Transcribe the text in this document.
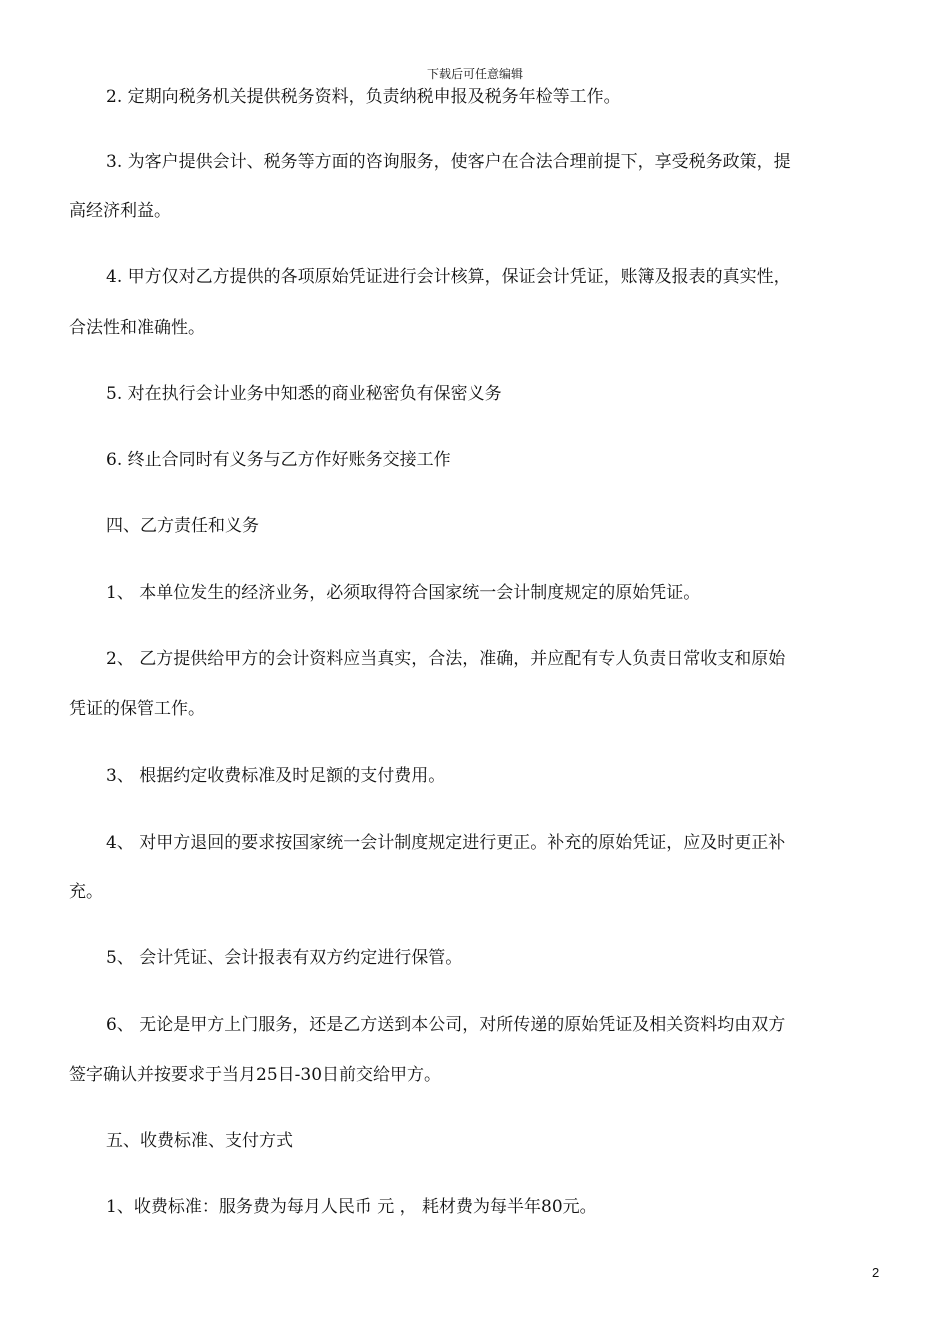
下载后可任意编辑
2. 定期向税务机关提供税务资料，负责纳税申报及税务年检等工作。
3. 为客户提供会计、税务等方面的咨询服务，使客户在合法合理前提下，享受税务政策，提
高经济利益。
4. 甲方仅对乙方提供的各项原始凭证进行会计核算，保证会计凭证，账簿及报表的真实性，
合法性和准确性。
5. 对在执行会计业务中知悉的商业秘密负有保密义务
6. 终止合同时有义务与乙方作好账务交接工作
四、乙方责任和义务
1、 本单位发生的经济业务，必须取得符合国家统一会计制度规定的原始凭证。
2、 乙方提供给甲方的会计资料应当真实，合法，准确，并应配有专人负责日常收支和原始
凭证的保管工作。
3、 根据约定收费标准及时足额的支付费用。
4、 对甲方退回的要求按国家统一会计制度规定进行更正。补充的原始凭证，应及时更正补
充。
5、 会计凭证、会计报表有双方约定进行保管。
6、 无论是甲方上门服务，还是乙方送到本公司，对所传递的原始凭证及相关资料均由双方
签字确认并按要求于当月25日-30日前交给甲方。
五、收费标准、支付方式
1、收费标准：服务费为每月人民币 元 ， 耗材费为每半年80元。
2
